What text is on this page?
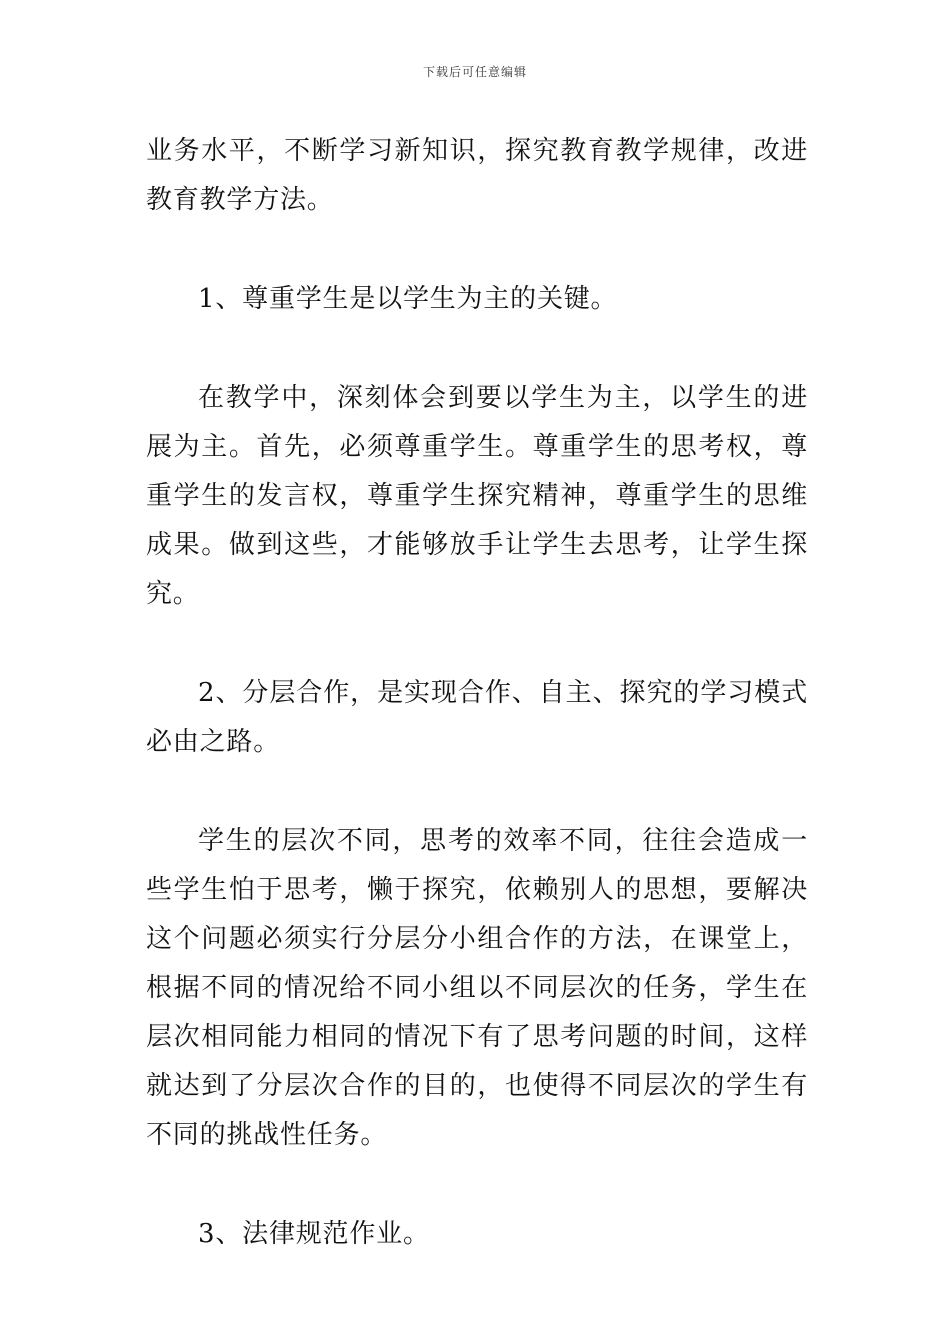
下载后可任意编辑

业务水平，不断学习新知识，探究教育教学规律，改进教育教学方法。

1、尊重学生是以学生为主的关键。

在教学中，深刻体会到要以学生为主，以学生的进展为主。首先，必须尊重学生。尊重学生的思考权，尊重学生的发言权，尊重学生探究精神，尊重学生的思维成果。做到这些，才能够放手让学生去思考，让学生探究。

2、分层合作，是实现合作、自主、探究的学习模式必由之路。

学生的层次不同，思考的效率不同，往往会造成一些学生怕于思考，懒于探究，依赖别人的思想，要解决这个问题必须实行分层分小组合作的方法，在课堂上，根据不同的情况给不同小组以不同层次的任务，学生在层次相同能力相同的情况下有了思考问题的时间，这样就达到了分层次合作的目的，也使得不同层次的学生有不同的挑战性任务。

3、法律规范作业。
